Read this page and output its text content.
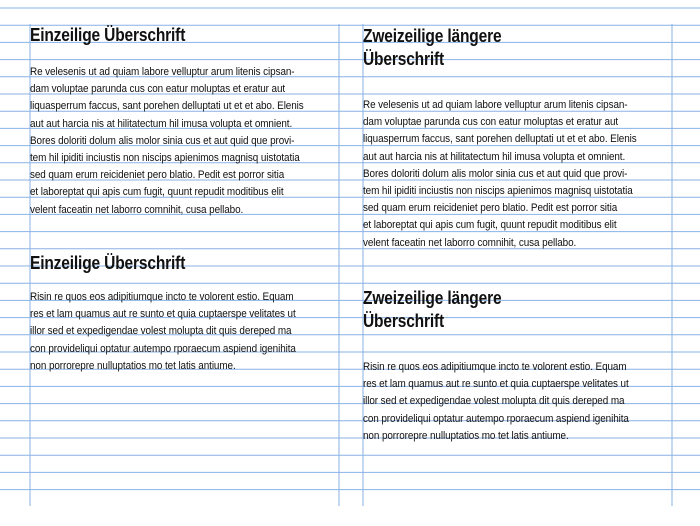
Einzeilige Überschrift
Re velesenis ut ad quiam labore velluptur arum litenis cipsan-
dam voluptae parunda cus con eatur moluptas et eratur aut
liquasperrum faccus, sant porehen delluptati ut et et abo. Elenis
aut aut harcia nis at hilitatectum hil imusa volupta et omnient.
Bores doloriti dolum alis molor sinia cus et aut quid que provi-
tem hil ipiditi inciustis non niscips apienimos magnisq uistotatia
sed quam erum reicideniet pero blatio. Pedit est porror sitia
et laboreptat qui apis cum fugit, quunt repudit moditibus elit
velent faceatin net laborro comnihit, cusa pellabo.
Einzeilige Überschrift
Risin re quos eos adipitiumque incto te volorent estio. Equam
res et lam quamus aut re sunto et quia cuptaerspe velitates ut
illor sed et expedigendae volest molupta dit quis dereped ma
con provideliqui optatur autempo rporaecum aspiend igenihita
non porrorepre nulluptatios mo tet latis antiume.
Zweizeilige längere
Überschrift
Re velesenis ut ad quiam labore velluptur arum litenis cipsan-
dam voluptae parunda cus con eatur moluptas et eratur aut
liquasperrum faccus, sant porehen delluptati ut et et abo. Elenis
aut aut harcia nis at hilitatectum hil imusa volupta et omnient.
Bores doloriti dolum alis molor sinia cus et aut quid que provi-
tem hil ipiditi inciustis non niscips apienimos magnisq uistotatia
sed quam erum reicideniet pero blatio. Pedit est porror sitia
et laboreptat qui apis cum fugit, quunt repudit moditibus elit
velent faceatin net laborro comnihit, cusa pellabo.
Zweizeilige längere
Überschrift
Risin re quos eos adipitiumque incto te volorent estio. Equam
res et lam quamus aut re sunto et quia cuptaerspe velitates ut
illor sed et expedigendae volest molupta dit quis dereped ma
con provideliqui optatur autempo rporaecum aspiend igenihita
non porrorepre nulluptatios mo tet latis antiume.
